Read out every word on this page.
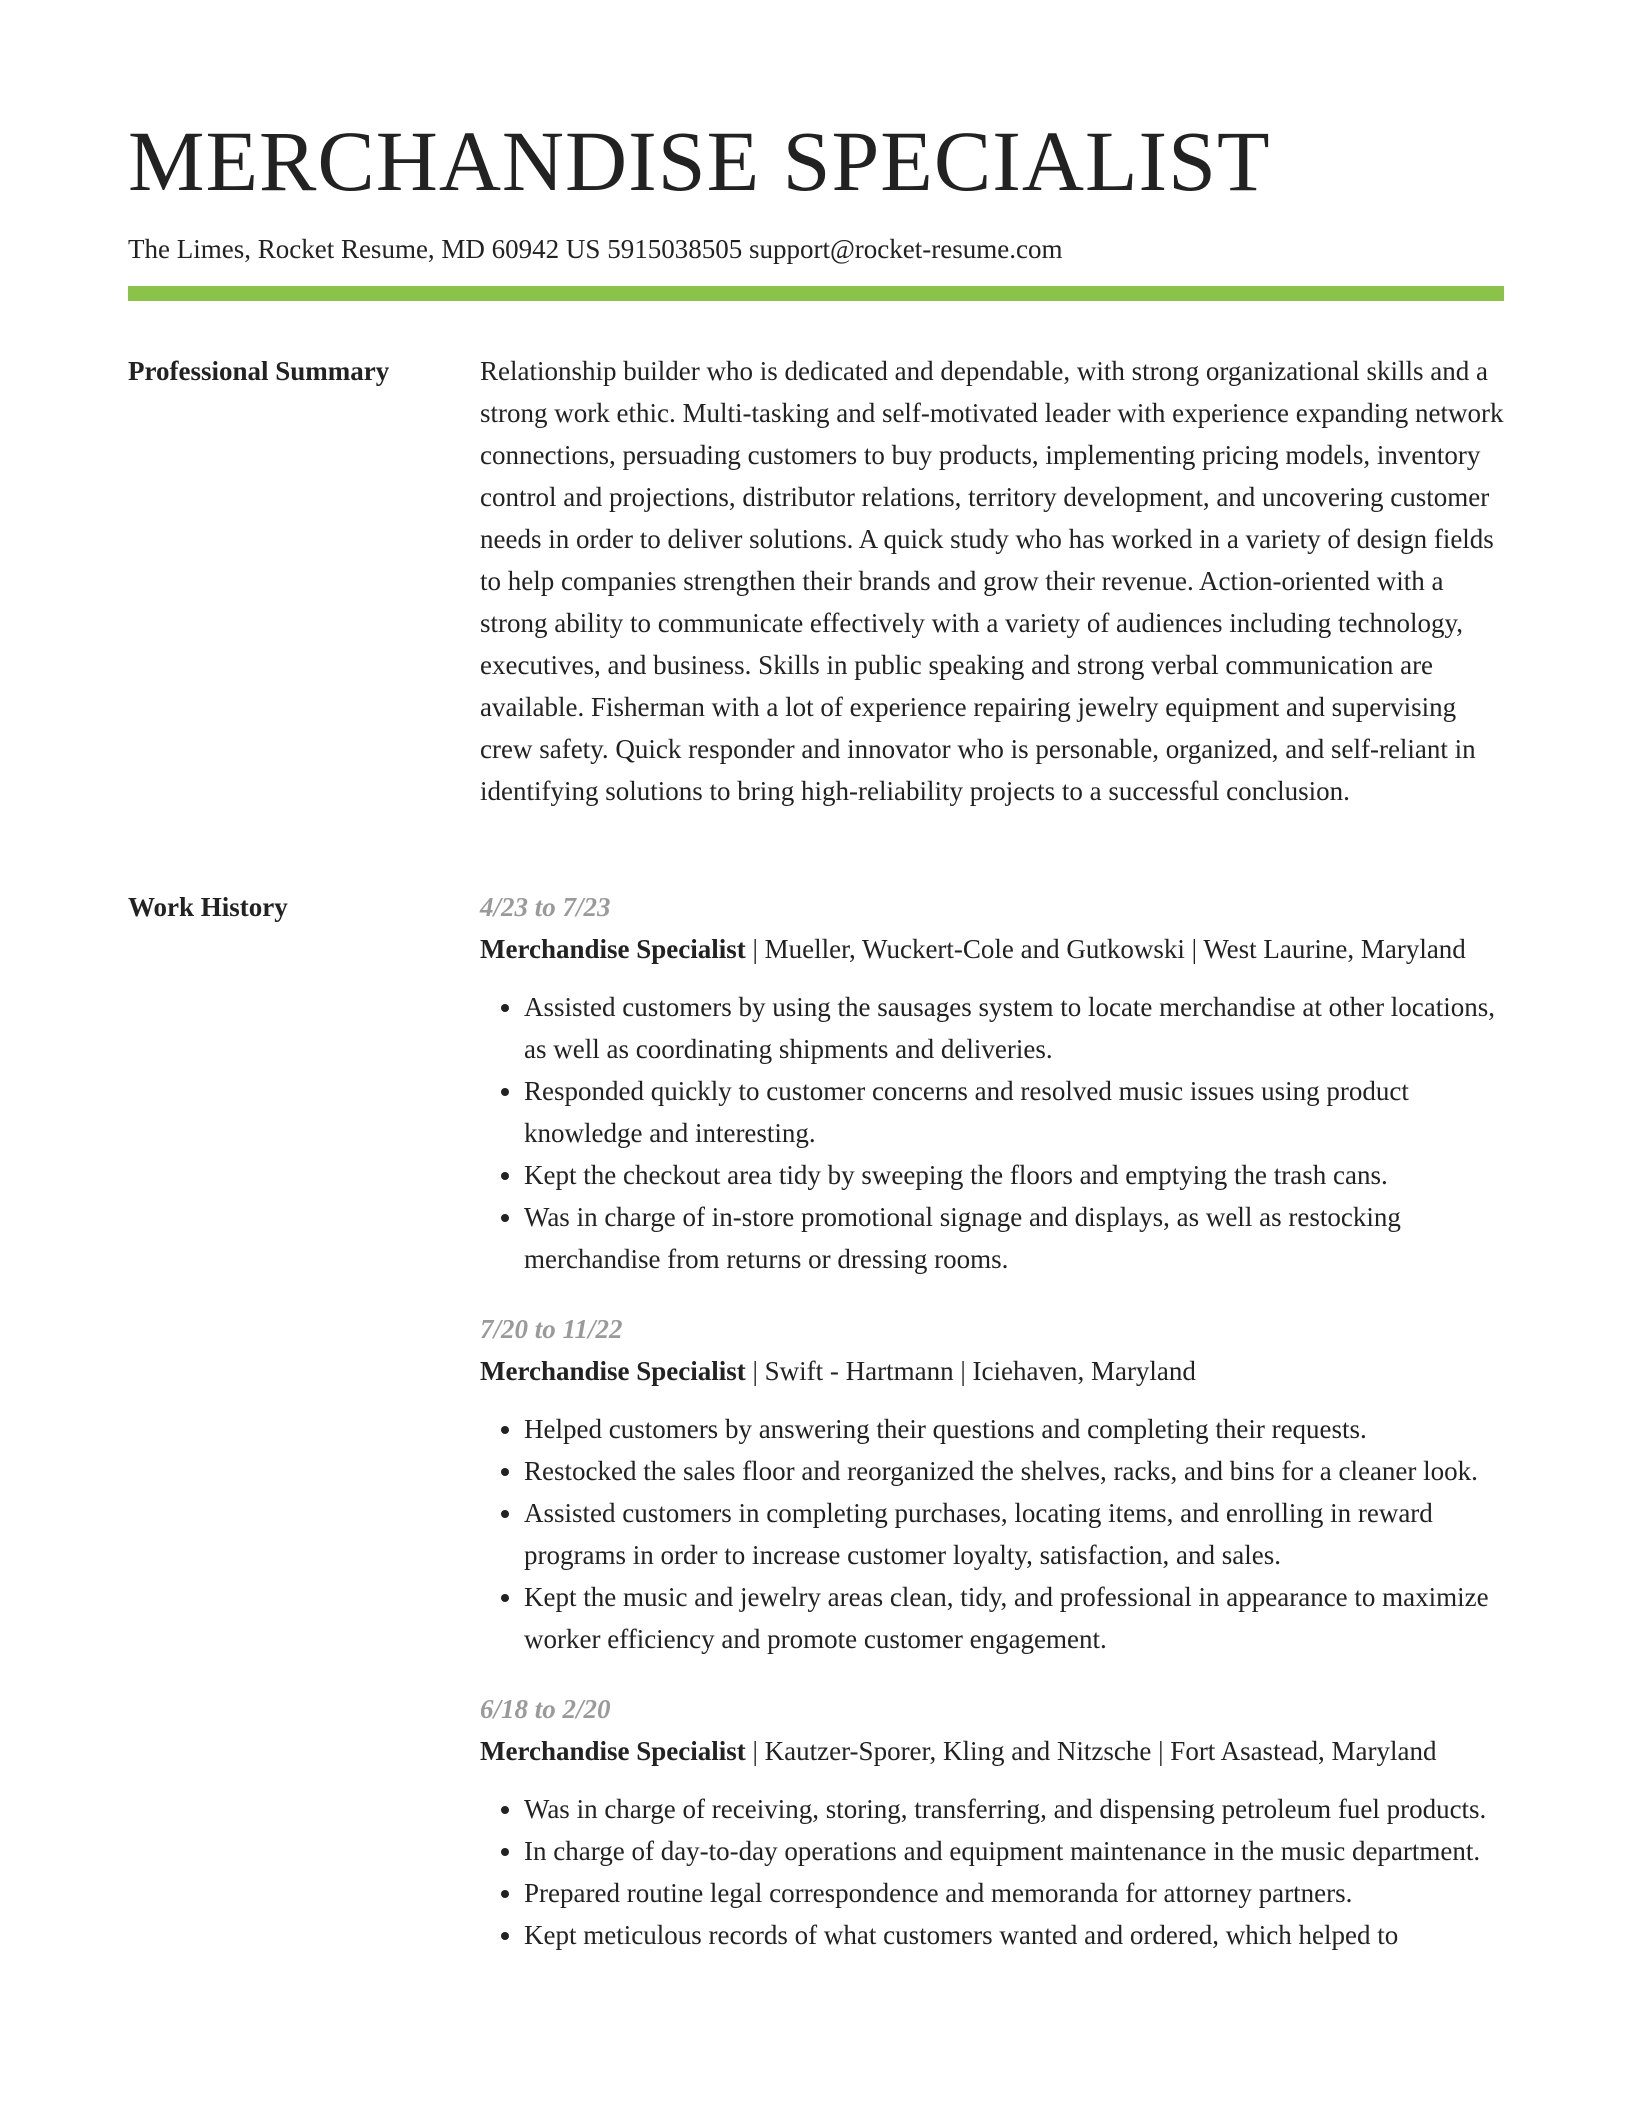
MERCHANDISE SPECIALIST
The Limes, Rocket Resume, MD 60942 US 5915038505 support@rocket-resume.com
Professional Summary	Relationship builder who is dedicated and dependable, with strong organizational skills and a strong work ethic. Multi-tasking and self-motivated leader with experience expanding network connections, persuading customers to buy products, implementing pricing models, inventory control and projections, distributor relations, territory development, and uncovering customer needs in order to deliver solutions. A quick study who has worked in a variety of design fields to help companies strengthen their brands and grow their revenue. Action-oriented with a strong ability to communicate effectively with a variety of audiences including technology, executives, and business. Skills in public speaking and strong verbal communication are available. Fisherman with a lot of experience repairing jewelry equipment and supervising crew safety. Quick responder and innovator who is personable, organized, and self-reliant in identifying solutions to bring high-reliability projects to a successful conclusion.

Work History	4/23 to 7/23
Merchandise Specialist | Mueller, Wuckert-Cole and Gutkowski | West Laurine, Maryland
• Assisted customers by using the sausages system to locate merchandise at other locations, as well as coordinating shipments and deliveries.
• Responded quickly to customer concerns and resolved music issues using product knowledge and interesting.
• Kept the checkout area tidy by sweeping the floors and emptying the trash cans.
• Was in charge of in-store promotional signage and displays, as well as restocking merchandise from returns or dressing rooms.
7/20 to 11/22
Merchandise Specialist | Swift - Hartmann | Iciehaven, Maryland
• Helped customers by answering their questions and completing their requests.
• Restocked the sales floor and reorganized the shelves, racks, and bins for a cleaner look.
• Assisted customers in completing purchases, locating items, and enrolling in reward programs in order to increase customer loyalty, satisfaction, and sales.
• Kept the music and jewelry areas clean, tidy, and professional in appearance to maximize worker efficiency and promote customer engagement.
6/18 to 2/20
Merchandise Specialist | Kautzer-Sporer, Kling and Nitzsche | Fort Asastead, Maryland
• Was in charge of receiving, storing, transferring, and dispensing petroleum fuel products.
• In charge of day-to-day operations and equipment maintenance in the music department.
• Prepared routine legal correspondence and memoranda for attorney partners.
• Kept meticulous records of what customers wanted and ordered, which helped to
